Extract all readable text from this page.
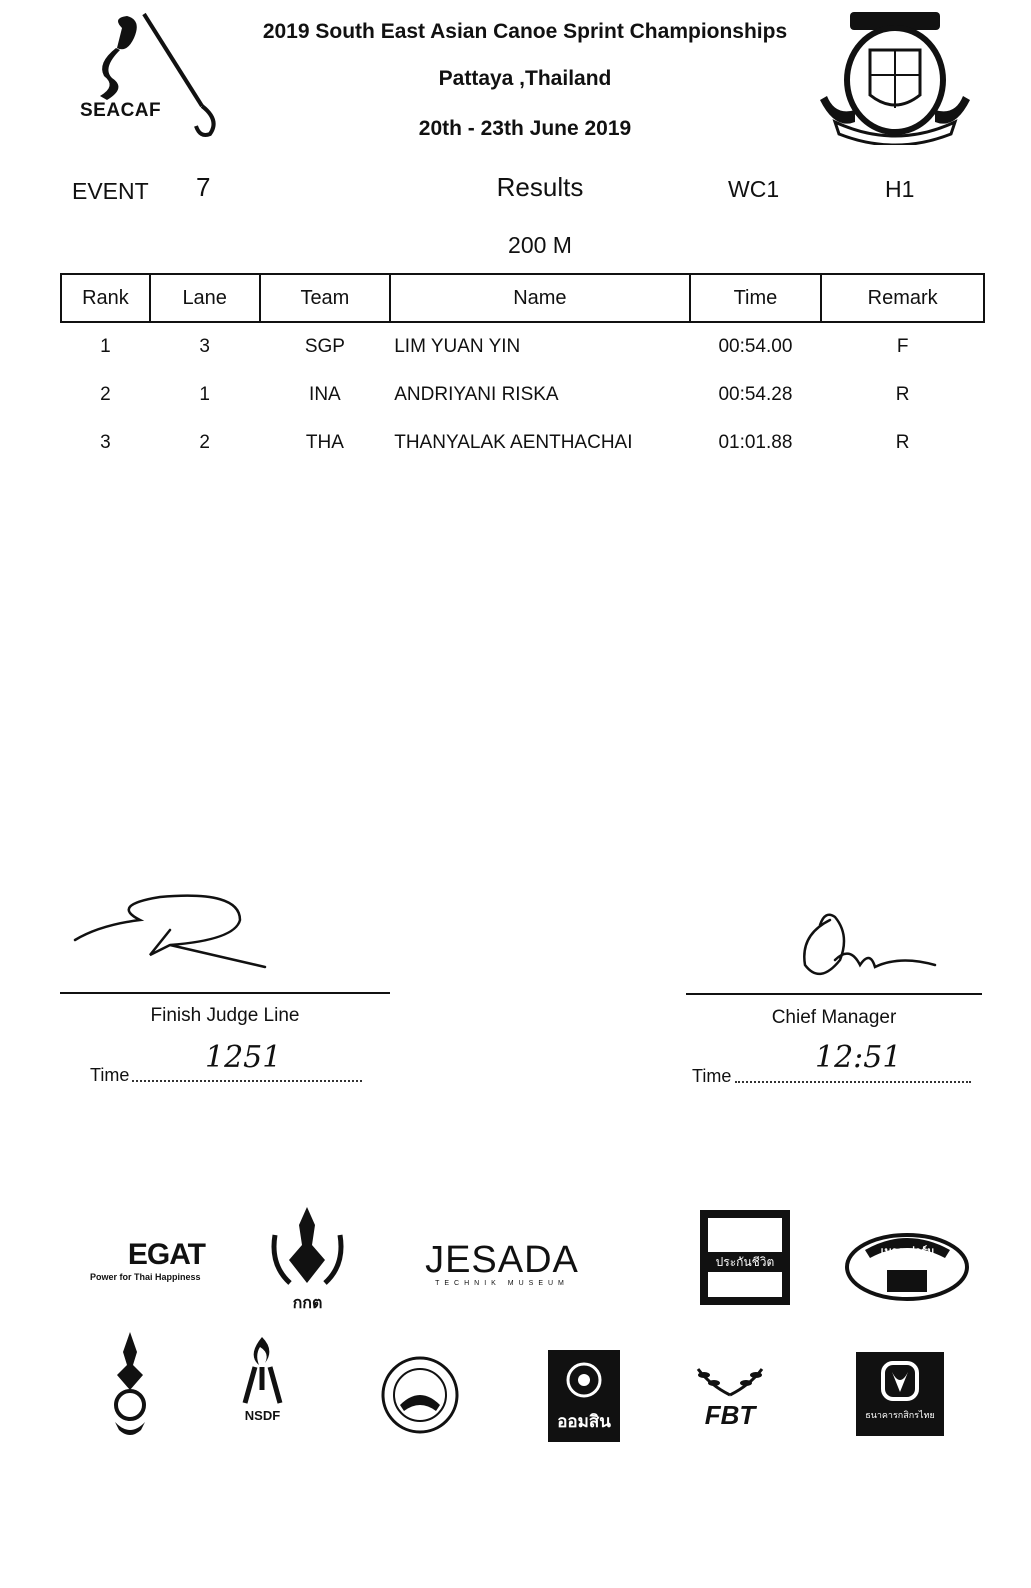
SEACAF
2019 South East Asian Canoe Sprint Championships
Pattaya ,Thailand
20th - 23th June 2019
EVENT 7	Results	WC1	H1
200 M
Rank	Lane	Team	Name	Time	Remark
1	3	SGP	LIM YUAN YIN	00:54.00	F
2	1	INA	ANDRIYANI RISKA	00:54.28	R
3	2	THA	THANYALAK AENTHACHAI	01:01.88	R
Finish Judge Line
Time	1251
Chief Manager
Time
12:51
EGAT
Power for Thai Happiness
กกต
JESADA
TECHNIK MUSEUM
ประกันชีวิต
เบรก ฟาร์ม
NSDF	ออมสิน	FBT	ธนาคารกสิกรไทย
